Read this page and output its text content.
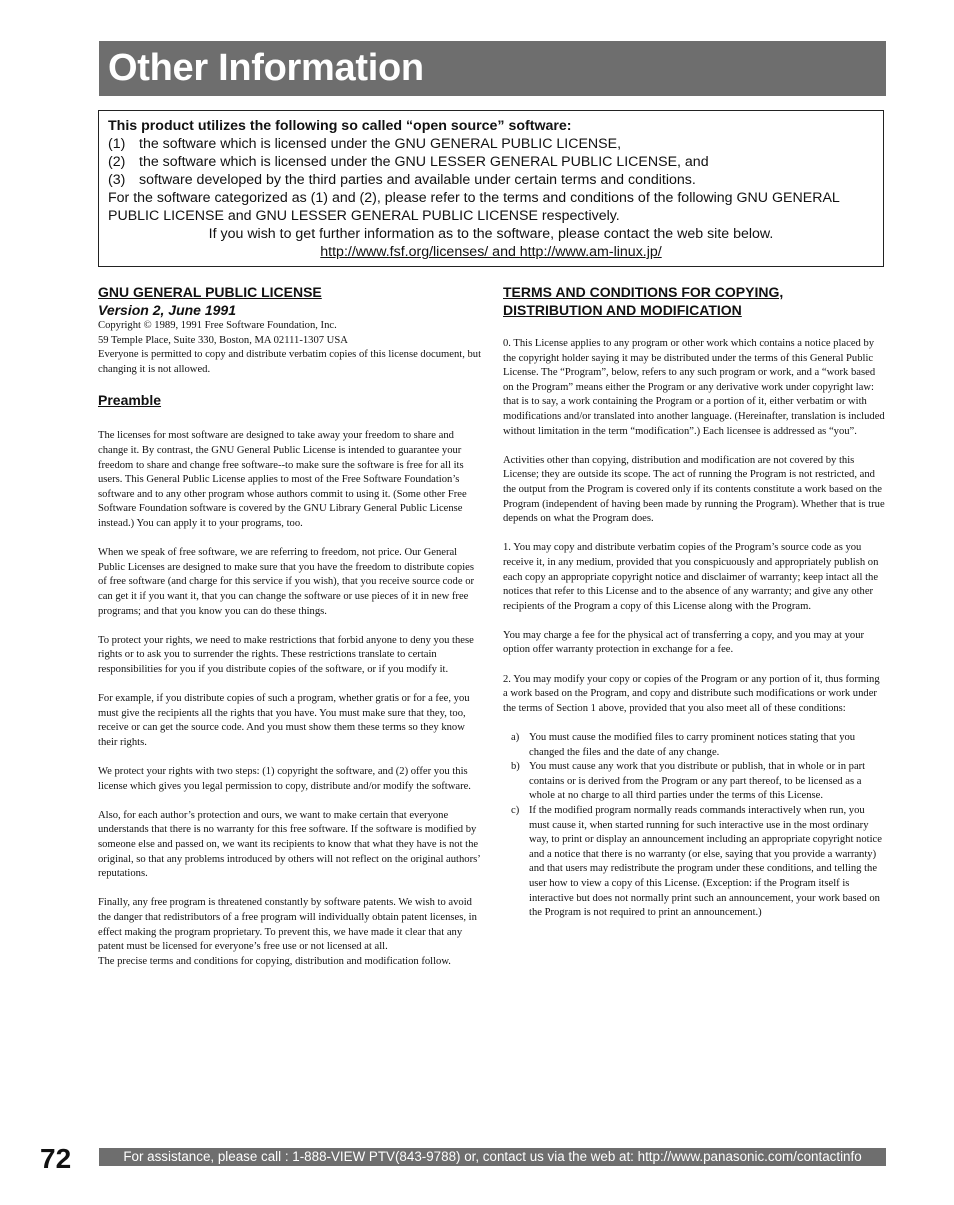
Other Information

This product utilizes the following so called “open source” software:

(1) the software which is licensed under the GNU GENERAL PUBLIC LICENSE,
(2) the software which is licensed under the GNU LESSER GENERAL PUBLIC LICENSE, and
(3) software developed by the third parties and available under certain terms and conditions.

For the software categorized as (1) and (2), please refer to the terms and conditions of the following GNU GENERAL PUBLIC LICENSE and GNU LESSER GENERAL PUBLIC LICENSE respectively.

If you wish to get further information as to the software, please contact the web site below.

http://www.fsf.org/licenses/ and http://www.am-linux.jp/

GNU GENERAL PUBLIC LICENSE
Version 2, June 1991

Copyright © 1989, 1991 Free Software Foundation, Inc.

59 Temple Place, Suite 330, Boston, MA 02111-1307 USA

Everyone is permitted to copy and distribute verbatim copies of this license document, but changing it is not allowed.

Preamble

The licenses for most software are designed to take away your freedom to share and change it. By contrast, the GNU General Public License is intended to guarantee your freedom to share and change free software--to make sure the software is free for all its users. This General Public License applies to most of the Free Software Foundation’s software and to any other program whose authors commit to using it. (Some other Free Software Foundation software is covered by the GNU Library General Public License instead.) You can apply it to your programs, too.

When we speak of free software, we are referring to freedom, not price. Our General Public Licenses are designed to make sure that you have the freedom to distribute copies of free software (and charge for this service if you wish), that you receive source code or can get it if you want it, that you can change the software or use pieces of it in new free programs; and that you know you can do these things.

To protect your rights, we need to make restrictions that forbid anyone to deny you these rights or to ask you to surrender the rights. These restrictions translate to certain responsibilities for you if you distribute copies of the software, or if you modify it.

For example, if you distribute copies of such a program, whether gratis or for a fee, you must give the recipients all the rights that you have. You must make sure that they, too, receive or can get the source code. And you must show them these terms so they know their rights.

We protect your rights with two steps: (1) copyright the software, and (2) offer you this license which gives you legal permission to copy, distribute and/or modify the software.

Also, for each author’s protection and ours, we want to make certain that everyone understands that there is no warranty for this free software. If the software is modified by someone else and passed on, we want its recipients to know that what they have is not the original, so that any problems introduced by others will not reflect on the original authors’ reputations.

Finally, any free program is threatened constantly by software patents. We wish to avoid the danger that redistributors of a free program will individually obtain patent licenses, in effect making the program proprietary. To prevent this, we have made it clear that any patent must be licensed for everyone’s free use or not licensed at all.

The precise terms and conditions for copying, distribution and modification follow.

TERMS AND CONDITIONS FOR COPYING,
DISTRIBUTION AND MODIFICATION

0. This License applies to any program or other work which contains a notice placed by the copyright holder saying it may be distributed under the terms of this General Public License. The “Program”, below, refers to any such program or work, and a “work based on the Program” means either the Program or any derivative work under copyright law: that is to say, a work containing the Program or a portion of it, either verbatim or with modifications and/or translated into another language. (Hereinafter, translation is included without limitation in the term “modification”.) Each licensee is addressed as “you”.

Activities other than copying, distribution and modification are not covered by this License; they are outside its scope. The act of running the Program is not restricted, and the output from the Program is covered only if its contents constitute a work based on the Program (independent of having been made by running the Program). Whether that is true depends on what the Program does.

1. You may copy and distribute verbatim copies of the Program’s source code as you receive it, in any medium, provided that you conspicuously and appropriately publish on each copy an appropriate copyright notice and disclaimer of warranty; keep intact all the notices that refer to this License and to the absence of any warranty; and give any other recipients of the Program a copy of this License along with the Program.

You may charge a fee for the physical act of transferring a copy, and you may at your option offer warranty protection in exchange for a fee.

2. You may modify your copy or copies of the Program or any portion of it, thus forming a work based on the Program, and copy and distribute such modifications or work under the terms of Section 1 above, provided that you also meet all of these conditions:

a) You must cause the modified files to carry prominent notices stating that you changed the files and the date of any change.
b) You must cause any work that you distribute or publish, that in whole or in part contains or is derived from the Program or any part thereof, to be licensed as a whole at no charge to all third parties under the terms of this License.
c) If the modified program normally reads commands interactively when run, you must cause it, when started running for such interactive use in the most ordinary way, to print or display an announcement including an appropriate copyright notice and a notice that there is no warranty (or else, saying that you provide a warranty) and that users may redistribute the program under these conditions, and telling the user how to view a copy of this License. (Exception: if the Program itself is interactive but does not normally print such an announcement, your work based on the Program is not required to print an announcement.)
72	For assistance, please call : 1-888-VIEW PTV(843-9788) or, contact us via the web at: http://www.panasonic.com/contactinfo
